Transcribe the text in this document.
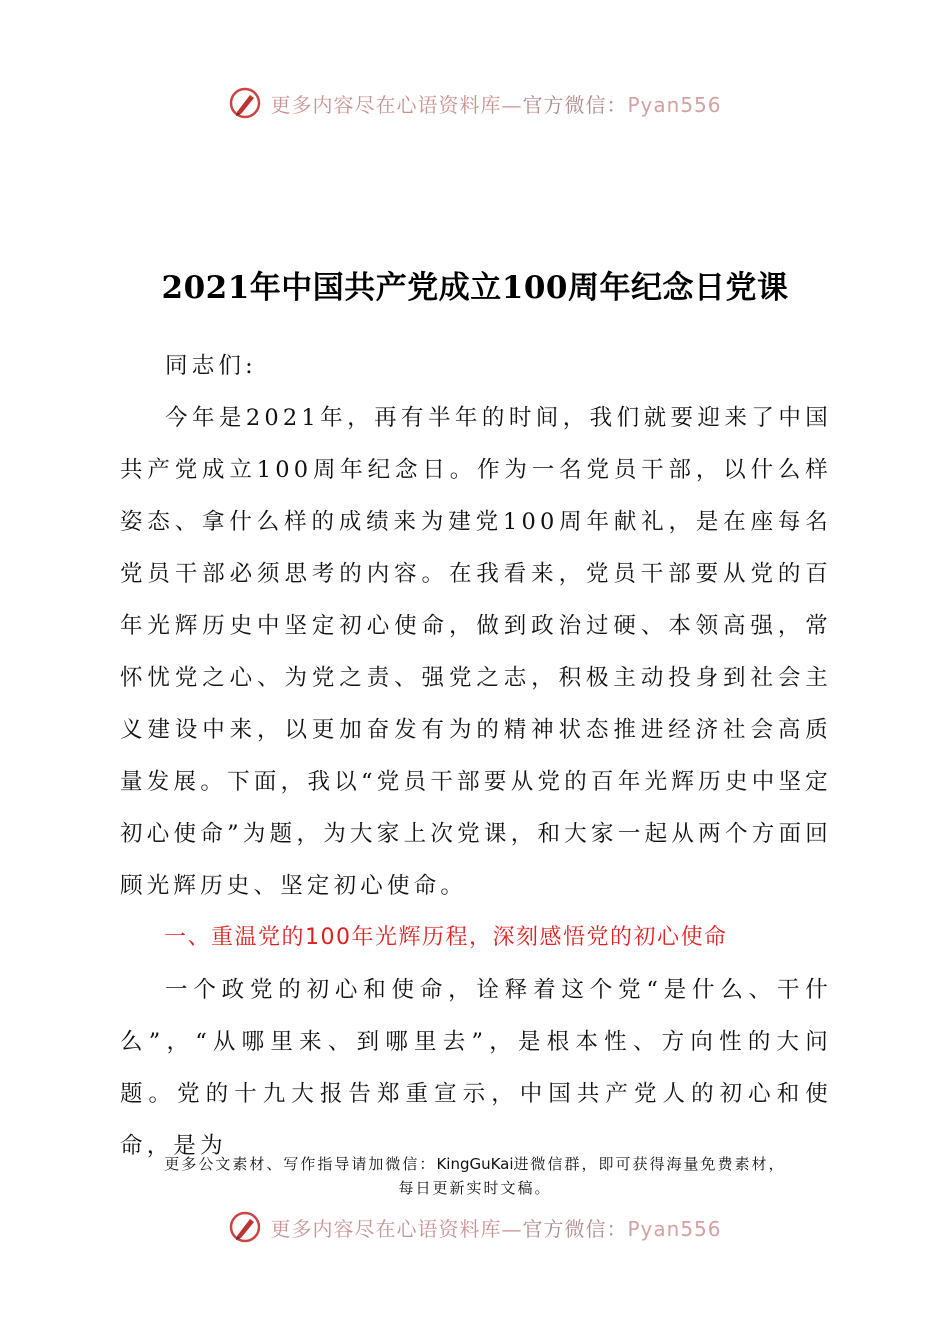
更多内容尽在心语资料库—官方微信：Pyan556
2021年中国共产党成立100周年纪念日党课

同志们:

今年是2021年，再有半年的时间，我们就要迎来了中国共产党成立100周年纪念日。作为一名党员干部，以什么样姿态、拿什么样的成绩来为建党100周年献礼，是在座每名党员干部必须思考的内容。在我看来，党员干部要从党的百年光辉历史中坚定初心使命，做到政治过硬、本领高强，常怀忧党之心、为党之责、强党之志，积极主动投身到社会主义建设中来，以更加奋发有为的精神状态推进经济社会高质量发展。下面，我以“党员干部要从党的百年光辉历史中坚定初心使命”为题，为大家上次党课，和大家一起从两个方面回顾光辉历史、坚定初心使命。

一、重温党的100年光辉历程，深刻感悟党的初心使命

一个政党的初心和使命，诠释着这个党“是什么、干什么”，“从哪里来、到哪里去”，是根本性、方向性的大问题。党的十九大报告郑重宣示，中国共产党人的初心和使命，是为

更多公文素材、写作指导请加微信：KingGuKai进微信群，即可获得海量免费素材，
每日更新实时文稿。
更多内容尽在心语资料库—官方微信：Pyan556
